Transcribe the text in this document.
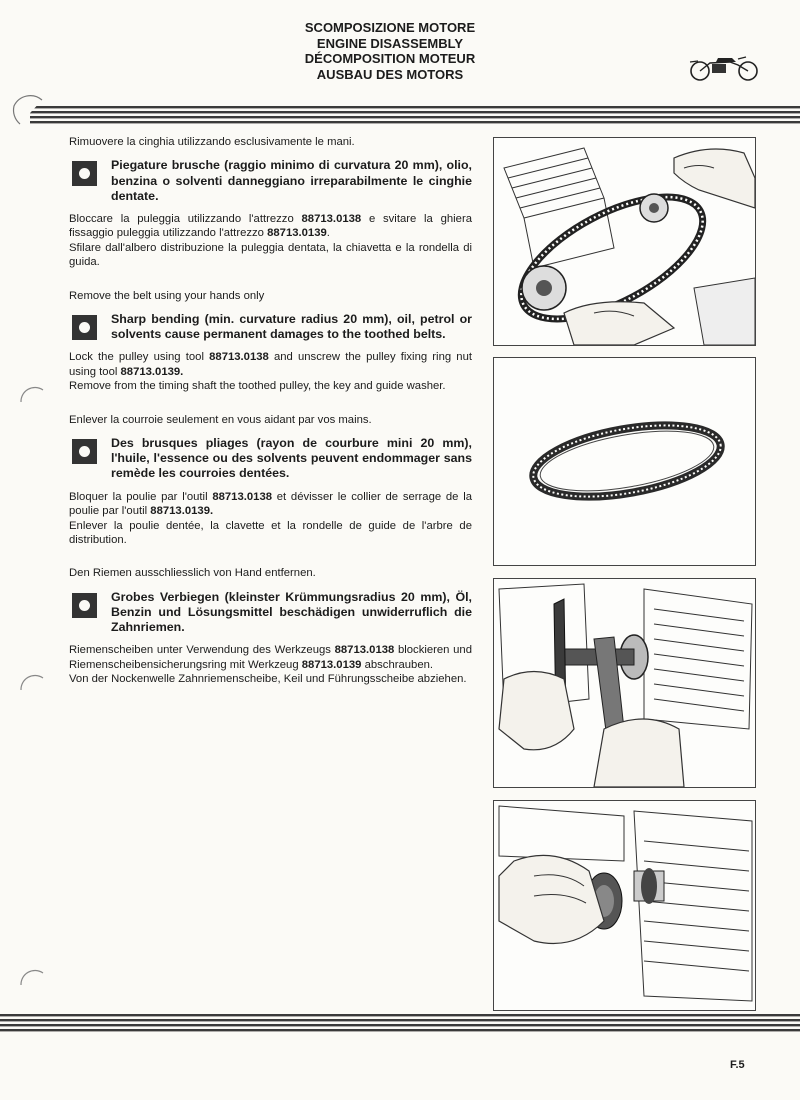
SCOMPOSIZIONE MOTORE
ENGINE DISASSEMBLY
DÉCOMPOSITION MOTEUR
AUSBAU DES MOTORS

Rimuovere la cinghia utilizzando esclusivamente le mani.

Piegature brusche (raggio minimo di curvatura 20 mm), olio, benzina o solventi danneggiano irreparabilmente le cinghie dentate.

Bloccare la puleggia utilizzando l'attrezzo 88713.0138 e svitare la ghiera fissaggio puleggia utilizzando l'attrezzo 88713.0139.

Sfilare dall'albero distribuzione la puleggia dentata, la chiavetta e la rondella di guida.

Remove the belt using your hands only

Sharp bending (min. curvature radius 20 mm), oil, petrol or solvents cause permanent damages to the toothed belts.

Lock the pulley using tool 88713.0138 and unscrew the pulley fixing ring nut using tool 88713.0139.

Remove from the timing shaft the toothed pulley, the key and guide washer.

Enlever la courroie seulement en vous aidant par vos mains.

Des brusques pliages (rayon de courbure mini 20 mm), l'huile, l'essence ou des solvents peuvent endommager sans remède les courroies dentées.

Bloquer la poulie par l'outil 88713.0138 et dévisser le collier de serrage de la poulie par l'outil 88713.0139.

Enlever la poulie dentée, la clavette et la rondelle de guide de l'arbre de distribution.

Den Riemen ausschliesslich von Hand entfernen.

Grobes Verbiegen (kleinster Krümmungsradius 20 mm), Öl, Benzin und Lösungsmittel beschädigen unwiderruflich die Zahnriemen.

Riemenscheiben unter Verwendung des Werkzeugs 88713.0138 blockieren und Riemenscheibensicherungsring mit Werkzeug 88713.0139 abschrauben.

Von der Nockenwelle Zahnriemenscheibe, Keil und Führungsscheibe abziehen.

F.5
